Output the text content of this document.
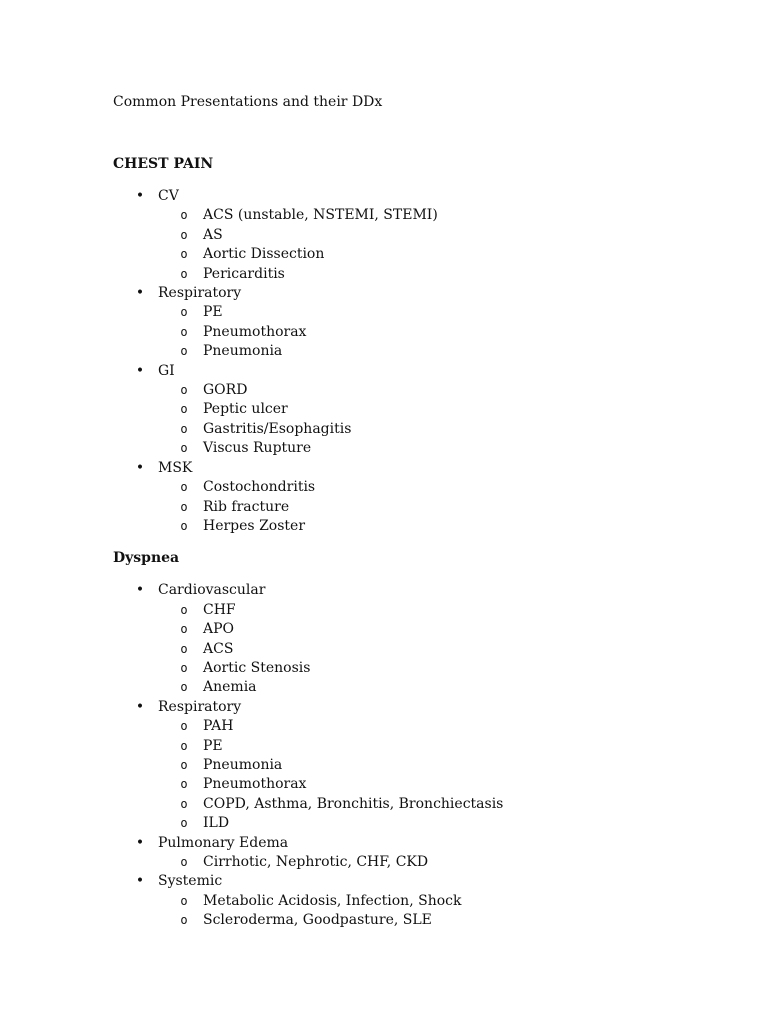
Common Presentations and their DDx

CHEST PAIN

• CV
o ACS (unstable, NSTEMI, STEMI)
o AS
o Aortic Dissection
o Pericarditis
• Respiratory
o PE
o Pneumothorax
o Pneumonia
• GI
o GORD
o Peptic ulcer
o Gastritis/Esophagitis
o Viscus Rupture
• MSK
o Costochondritis
o Rib fracture
o Herpes Zoster

Dyspnea

• Cardiovascular
o CHF
o APO
o ACS
o Aortic Stenosis
o Anemia
• Respiratory
o PAH
o PE
o Pneumonia
o Pneumothorax
o COPD, Asthma, Bronchitis, Bronchiectasis
o ILD
• Pulmonary Edema
o Cirrhotic, Nephrotic, CHF, CKD
• Systemic
o Metabolic Acidosis, Infection, Shock
o Scleroderma, Goodpasture, SLE
